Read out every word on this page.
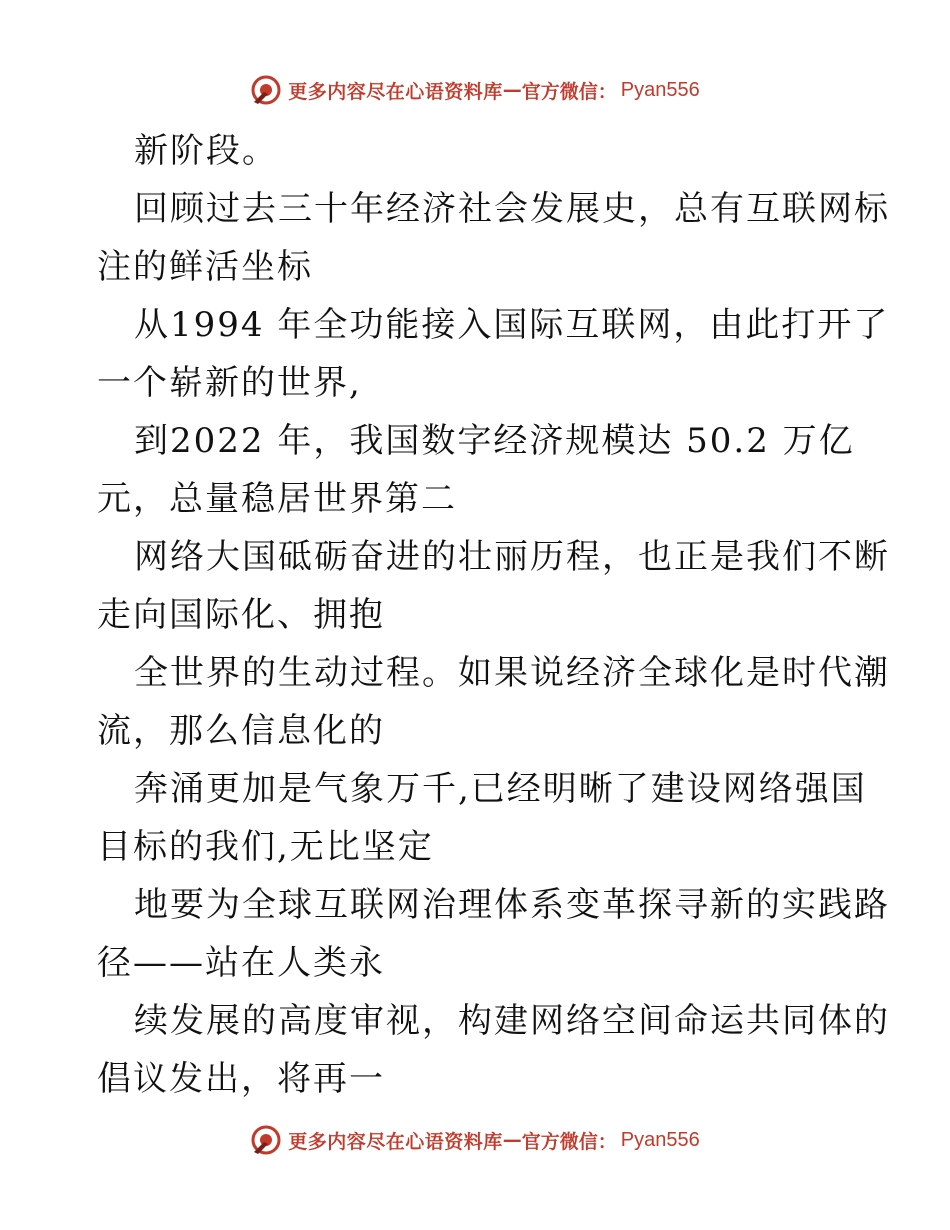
更多内容尽在心语资料库 — 官方微信： Pyan556
新阶段。
回顾过去三十年经济社会发展史，总有互联网标
注的鲜活坐标
从1994 年全功能接入国际互联网，由此打开了
一个崭新的世界,
到2022 年，我国数字经济规模达 50.2 万亿
元，总量稳居世界第二
网络大国砥砺奋进的壮丽历程，也正是我们不断
走向国际化、拥抱
全世界的生动过程。如果说经济全球化是时代潮
流，那么信息化的
奔涌更加是气象万千,已经明晰了建设网络强国
目标的我们,无比坚定
地要为全球互联网治理体系变革探寻新的实践路
径——站在人类永
续发展的高度审视，构建网络空间命运共同体的
倡议发出，将再一
更多内容尽在心语资料库 — 官方微信： Pyan556
